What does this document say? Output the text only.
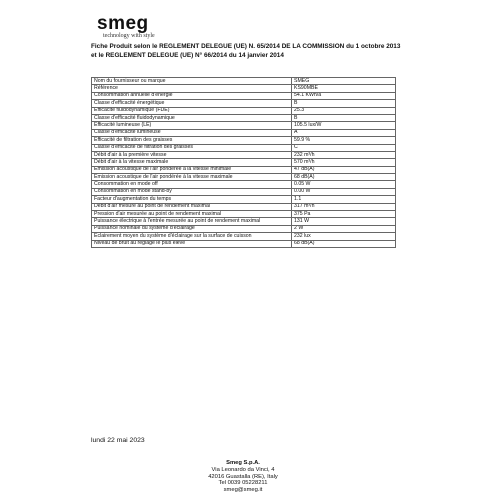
smeg
technology with style
Fiche Produit selon le REGLEMENT DELEGUE (UE) N. 65/2014 DE LA COMMISSION du 1 octobre 2013
et le REGLEMENT DELEGUE (UE) N° 66/2014 du 14 janvier 2014
Nom du fournisseur ou marque	SMEG
Référence	KS90MBE
Consommation annuelle d'énergie	54.1 KWh/a
Classe d'efficacité énergétique	B
Efficacité fluidodynamique (FDE)	25.3
Classe d'efficacité fluidodynamique	B
Efficacité lumineuse (LE)	105.5 lux/W
Classe d'efficacité lumineuse	A
Efficacité de filtration des graisses	59.9 %
Classe d'efficacité de filtration des graisses	C
Débit d'air à la première vitesse	232 m³/h
Débit d'air à la vitesse maximale	570 m³/h
Emission acoustique de l'air pondérée à la vitesse minimale	47 dB(A)
Emission acoustique de l'air pondérée à la vitesse maximale	68 dB(A)
Consommation en mode off	0.05 W
Consommation en mode stand-by	0.00 W
Facteur d'augmentation du temps	1.1
Débit d'air mesuré au point de rendement maximal	317 m³/h
Pression d'air mesurée au point de rendement maximal	375 Pa
Puissance électrique à l'entrée mesurée au point de rendement maximal	131 W
Puissance nominale du système d'éclairage	2 W
Eclairement moyen du système d'éclairage sur la surface de cuisson	232 lux
Niveau de bruit au réglage le plus élevé	68 dB(A)
lundi 22 mai 2023
Smeg S.p.A.
Via Leonardo da Vinci, 4
42016 Guastalla (RE), Italy
Tel 0039 05228211
smeg@smeg.it
